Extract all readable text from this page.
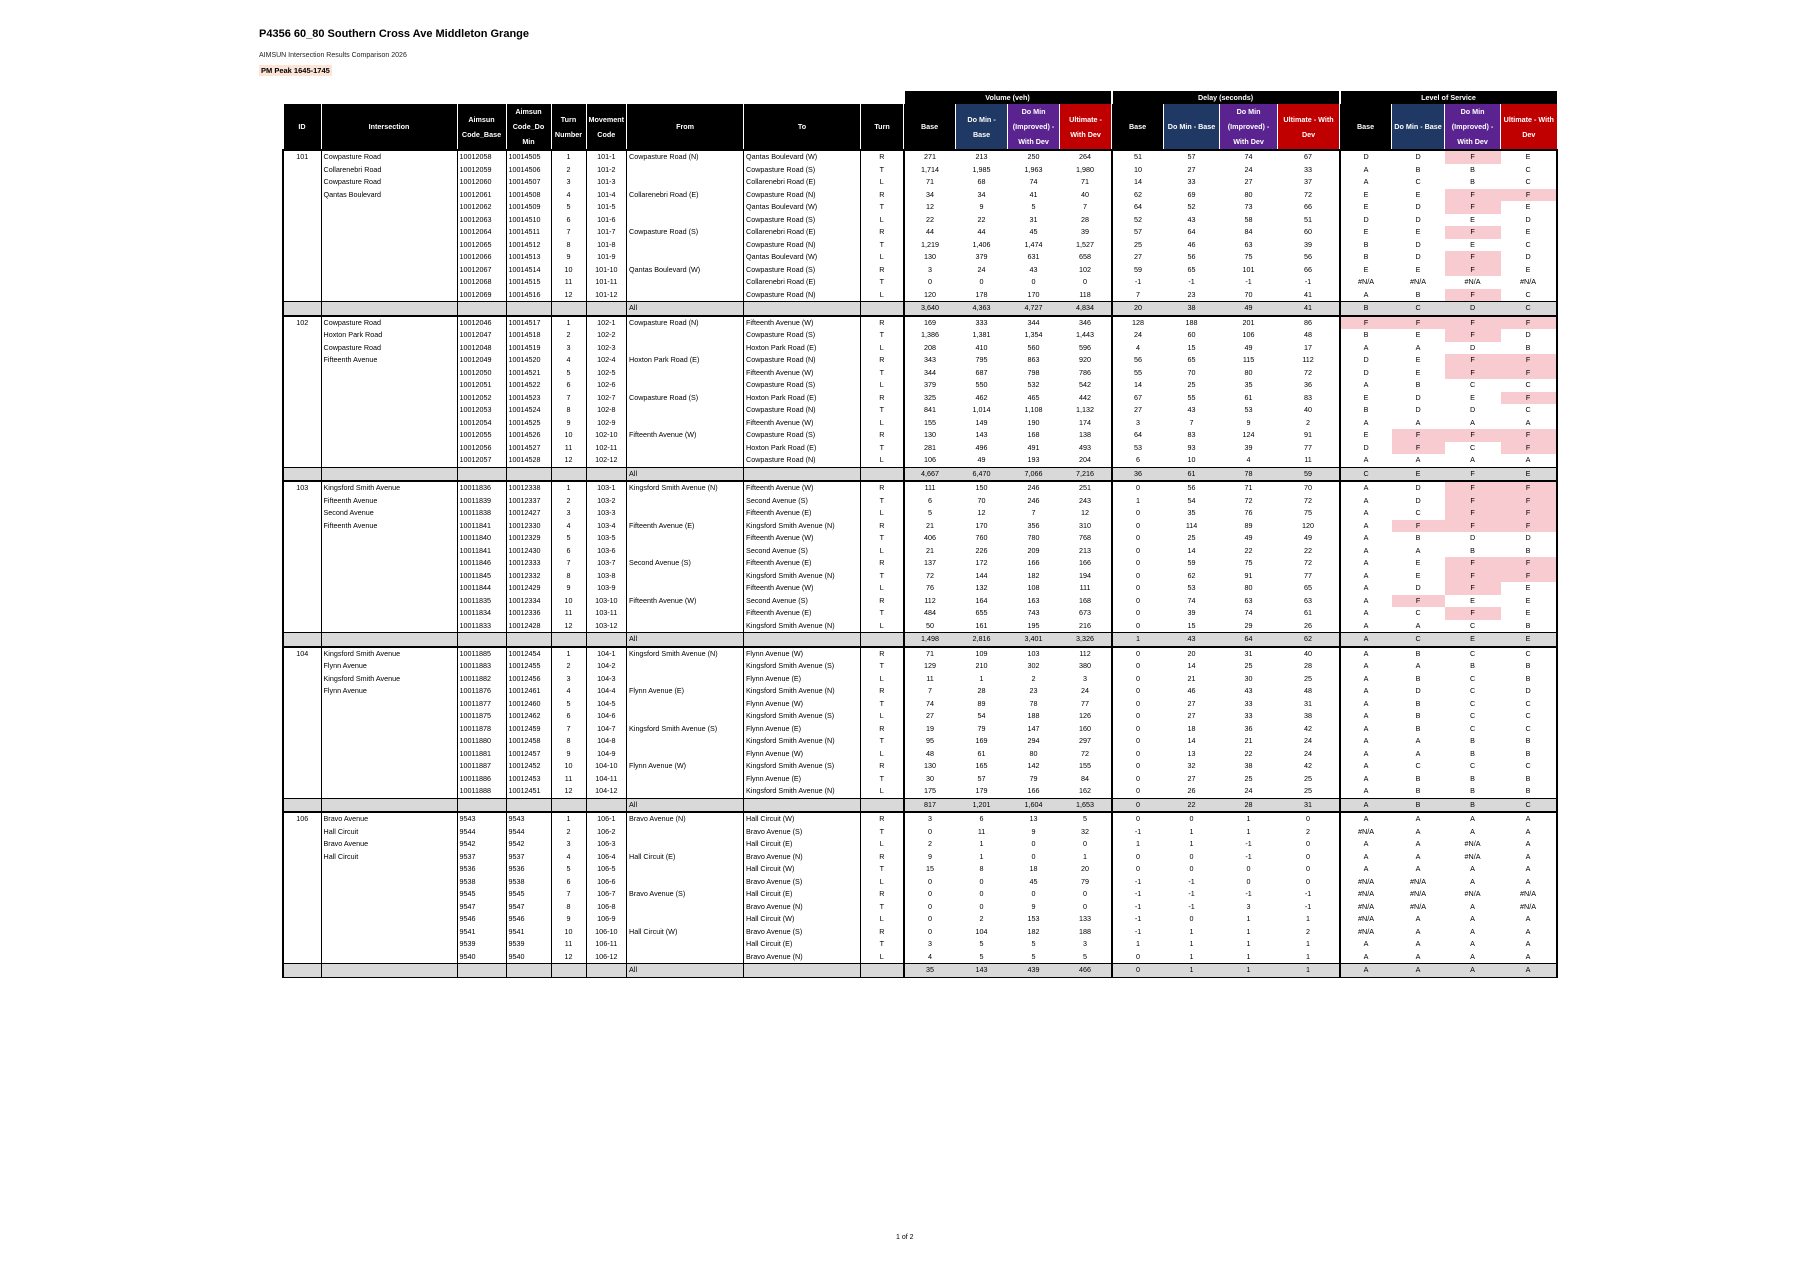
P4356 60_80 Southern Cross Ave Middleton Grange
AIMSUN Intersection Results Comparison 2026
PM Peak 1645-1745
									Volume (veh)				Delay (seconds)				Level of Service			
ID	Intersection	Aimsun Code_Base	Aimsun Code_Do Min	Turn Number	Movement Code	From	To	Turn	Base	Do Min - Base	Do Min (Improved) - With Dev	Ultimate - With Dev	Base	Do Min - Base	Do Min (Improved) - With Dev	Ultimate - With Dev	Base	Do Min - Base	Do Min (Improved) - With Dev	Ultimate - With Dev
101	Cowpasture Road	10012058	10014505	1	101-1	Cowpasture Road (N)	Qantas Boulevard (W)	R	271	213	250	264	51	57	74	67	D	D	F	E
	Collarenebri Road	10012059	10014506	2	101-2		Cowpasture Road (S)	T	1,714	1,985	1,963	1,980	10	27	24	33	A	B	B	C
	Cowpasture Road	10012060	10014507	3	101-3		Collarenebri Road (E)	L	71	68	74	71	14	33	27	37	A	C	B	C
	Qantas Boulevard	10012061	10014508	4	101-4	Collarenebri Road (E)	Cowpasture Road (N)	R	34	34	41	40	62	69	80	72	E	E	F	F
		10012062	10014509	5	101-5		Qantas Boulevard (W)	T	12	9	5	7	64	52	73	66	E	D	F	E
		10012063	10014510	6	101-6		Cowpasture Road (S)	L	22	22	31	28	52	43	58	51	D	D	E	D
		10012064	10014511	7	101-7	Cowpasture Road (S)	Collarenebri Road (E)	R	44	44	45	39	57	64	84	60	E	E	F	E
		10012065	10014512	8	101-8		Cowpasture Road (N)	T	1,219	1,406	1,474	1,527	25	46	63	39	B	D	E	C
		10012066	10014513	9	101-9		Qantas Boulevard (W)	L	130	379	631	658	27	56	75	56	B	D	F	D
		10012067	10014514	10	101-10	Qantas Boulevard (W)	Cowpasture Road (S)	R	3	24	43	102	59	65	101	66	E	E	F	E
		10012068	10014515	11	101-11		Collarenebri Road (E)	T	0	0	0	0	-1	-1	-1	-1	#N/A	#N/A	#N/A	#N/A
		10012069	10014516	12	101-12		Cowpasture Road (N)	L	120	178	170	118	7	23	70	41	A	B	F	C
						All			3,640	4,363	4,727	4,834	20	38	49	41	B	C	D	C
102	Cowpasture Road	10012046	10014517	1	102-1	Cowpasture Road (N)	Fifteenth Avenue (W)	R	169	333	344	346	128	188	201	86	F	F	F	F
	Hoxton Park Road	10012047	10014518	2	102-2		Cowpasture Road (S)	T	1,386	1,381	1,354	1,443	24	60	106	48	B	E	F	D
	Cowpasture Road	10012048	10014519	3	102-3		Hoxton Park Road (E)	L	208	410	560	596	4	15	49	17	A	A	D	B
	Fifteenth Avenue	10012049	10014520	4	102-4	Hoxton Park Road (E)	Cowpasture Road (N)	R	343	795	863	920	56	65	115	112	D	E	F	F
		10012050	10014521	5	102-5		Fifteenth Avenue (W)	T	344	687	798	786	55	70	80	72	D	E	F	F
		10012051	10014522	6	102-6		Cowpasture Road (S)	L	379	550	532	542	14	25	35	36	A	B	C	C
		10012052	10014523	7	102-7	Cowpasture Road (S)	Hoxton Park Road (E)	R	325	462	465	442	67	55	61	83	E	D	E	F
		10012053	10014524	8	102-8		Cowpasture Road (N)	T	841	1,014	1,108	1,132	27	43	53	40	B	D	D	C
		10012054	10014525	9	102-9		Fifteenth Avenue (W)	L	155	149	190	174	3	7	9	2	A	A	A	A
		10012055	10014526	10	102-10	Fifteenth Avenue (W)	Cowpasture Road (S)	R	130	143	168	138	64	83	124	91	E	F	F	F
		10012056	10014527	11	102-11		Hoxton Park Road (E)	T	281	496	491	493	53	93	39	77	D	F	C	F
		10012057	10014528	12	102-12		Cowpasture Road (N)	L	106	49	193	204	6	10	4	11	A	A	A	A
						All			4,667	6,470	7,066	7,216	36	61	78	59	C	E	F	E
103	Kingsford Smith Avenue	10011836	10012338	1	103-1	Kingsford Smith Avenue (N)	Fifteenth Avenue (W)	R	111	150	246	251	0	56	71	70	A	D	F	F
	Fifteenth Avenue	10011839	10012337	2	103-2		Second Avenue (S)	T	6	70	246	243	1	54	72	72	A	D	F	F
	Second Avenue	10011838	10012427	3	103-3		Fifteenth Avenue (E)	L	5	12	7	12	0	35	76	75	A	C	F	F
	Fifteenth Avenue	10011841	10012330	4	103-4	Fifteenth Avenue (E)	Kingsford Smith Avenue (N)	R	21	170	356	310	0	114	89	120	A	F	F	F
		10011840	10012329	5	103-5		Fifteenth Avenue (W)	T	406	760	780	768	0	25	49	49	A	B	D	D
		10011841	10012430	6	103-6		Second Avenue (S)	L	21	226	209	213	0	14	22	22	A	A	B	B
		10011846	10012333	7	103-7	Second Avenue (S)	Fifteenth Avenue (E)	R	137	172	166	166	0	59	75	72	A	E	F	F
		10011845	10012332	8	103-8		Kingsford Smith Avenue (N)	T	72	144	182	194	0	62	91	77	A	E	F	F
		10011844	10012429	9	103-9		Fifteenth Avenue (W)	L	76	132	108	111	0	53	80	65	A	D	F	E
		10011835	10012334	10	103-10	Fifteenth Avenue (W)	Second Avenue (S)	R	112	164	163	168	0	74	63	63	A	F	E	E
		10011834	10012336	11	103-11		Fifteenth Avenue (E)	T	484	655	743	673	0	39	74	61	A	C	F	E
		10011833	10012428	12	103-12		Kingsford Smith Avenue (N)	L	50	161	195	216	0	15	29	26	A	A	C	B
						All			1,498	2,816	3,401	3,326	1	43	64	62	A	C	E	E
104	Kingsford Smith Avenue	10011885	10012454	1	104-1	Kingsford Smith Avenue (N)	Flynn Avenue (W)	R	71	109	103	112	0	20	31	40	A	B	C	C
	Flynn Avenue	10011883	10012455	2	104-2		Kingsford Smith Avenue (S)	T	129	210	302	380	0	14	25	28	A	A	B	B
	Kingsford Smith Avenue	10011882	10012456	3	104-3		Flynn Avenue (E)	L	11	1	2	3	0	21	30	25	A	B	C	B
	Flynn Avenue	10011876	10012461	4	104-4	Flynn Avenue (E)	Kingsford Smith Avenue (N)	R	7	28	23	24	0	46	43	48	A	D	C	D
		10011877	10012460	5	104-5		Flynn Avenue (W)	T	74	89	78	77	0	27	33	31	A	B	C	C
		10011875	10012462	6	104-6		Kingsford Smith Avenue (S)	L	27	54	188	126	0	27	33	38	A	B	C	C
		10011878	10012459	7	104-7	Kingsford Smith Avenue (S)	Flynn Avenue (E)	R	19	79	147	160	0	18	36	42	A	B	C	C
		10011880	10012458	8	104-8		Kingsford Smith Avenue (N)	T	95	169	294	297	0	14	21	24	A	A	B	B
		10011881	10012457	9	104-9		Flynn Avenue (W)	L	48	61	80	72	0	13	22	24	A	A	B	B
		10011887	10012452	10	104-10	Flynn Avenue (W)	Kingsford Smith Avenue (S)	R	130	165	142	155	0	32	38	42	A	C	C	C
		10011886	10012453	11	104-11		Flynn Avenue (E)	T	30	57	79	84	0	27	25	25	A	B	B	B
		10011888	10012451	12	104-12		Kingsford Smith Avenue (N)	L	175	179	166	162	0	26	24	25	A	B	B	B
						All			817	1,201	1,604	1,653	0	22	28	31	A	B	B	C
106	Bravo Avenue	9543	9543	1	106-1	Bravo Avenue (N)	Hall Circuit (W)	R	3	6	13	5	0	0	1	0	A	A	A	A
	Hall Circuit	9544	9544	2	106-2		Bravo Avenue (S)	T	0	11	9	32	-1	1	1	2	#N/A	A	A	A
	Bravo Avenue	9542	9542	3	106-3		Hall Circuit (E)	L	2	1	0	0	1	1	-1	0	A	A	#N/A	A
	Hall Circuit	9537	9537	4	106-4	Hall Circuit (E)	Bravo Avenue (N)	R	9	1	0	1	0	0	-1	0	A	A	#N/A	A
		9536	9536	5	106-5		Hall Circuit (W)	T	15	8	18	20	0	0	0	0	A	A	A	A
		9538	9538	6	106-6		Bravo Avenue (S)	L	0	0	45	79	-1	-1	0	0	#N/A	#N/A	A	A
		9545	9545	7	106-7	Bravo Avenue (S)	Hall Circuit (E)	R	0	0	0	0	-1	-1	-1	-1	#N/A	#N/A	#N/A	#N/A
		9547	9547	8	106-8		Bravo Avenue (N)	T	0	0	9	0	-1	-1	3	-1	#N/A	#N/A	A	#N/A
		9546	9546	9	106-9		Hall Circuit (W)	L	0	2	153	133	-1	0	1	1	#N/A	A	A	A
		9541	9541	10	106-10	Hall Circuit (W)	Bravo Avenue (S)	R	0	104	182	188	-1	1	1	2	#N/A	A	A	A
		9539	9539	11	106-11		Hall Circuit (E)	T	3	5	5	3	1	1	1	1	A	A	A	A
		9540	9540	12	106-12		Bravo Avenue (N)	L	4	5	5	5	0	1	1	1	A	A	A	A
						All			35	143	439	466	0	1	1	1	A	A	A	A
1 of 2
